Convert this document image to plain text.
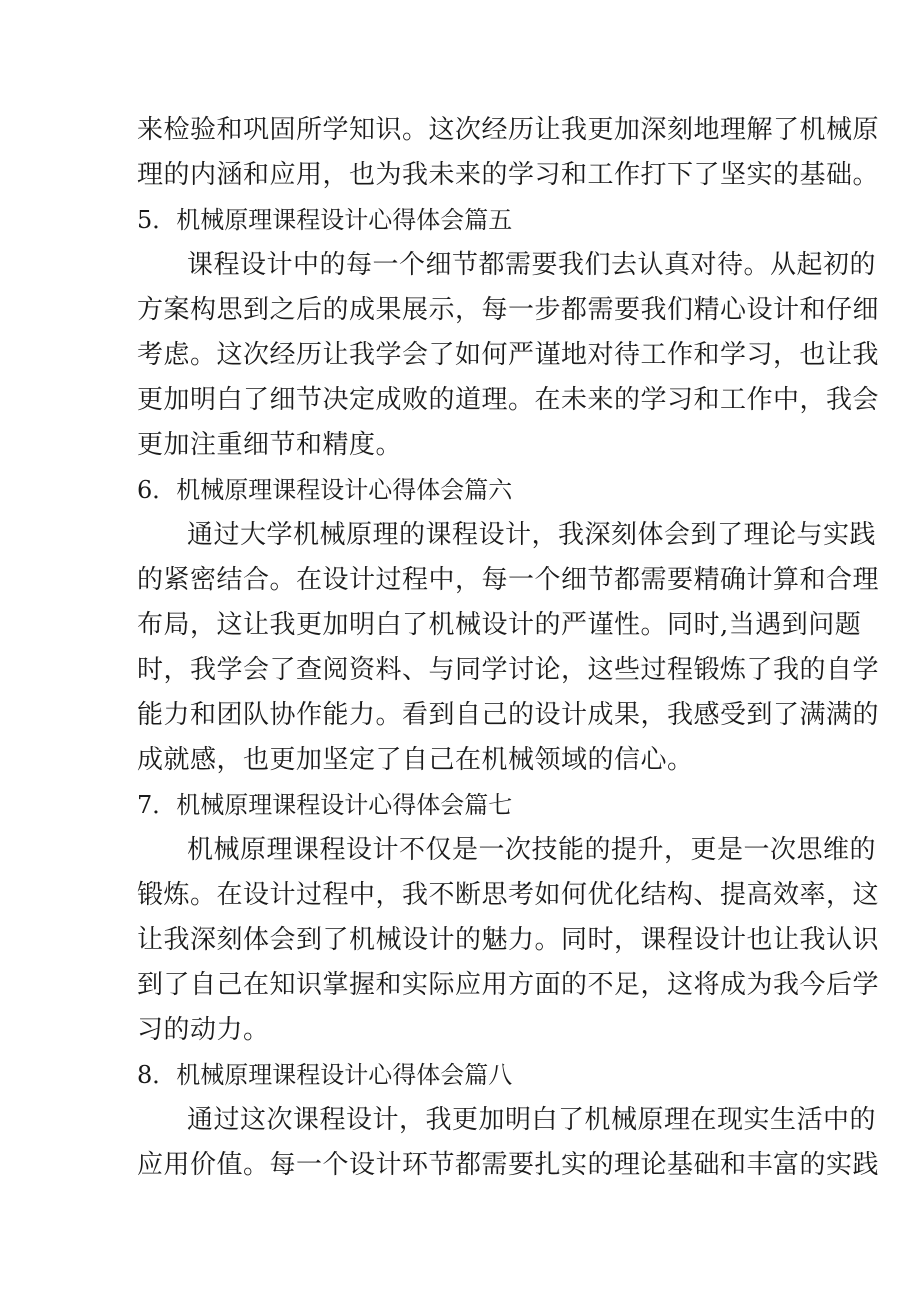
来检验和巩固所学知识。这次经历让我更加深刻地理解了机械原
理的内涵和应用，也为我未来的学习和工作打下了坚实的基础。
5．机械原理课程设计心得体会篇五
课程设计中的每一个细节都需要我们去认真对待。从起初的
方案构思到之后的成果展示，每一步都需要我们精心设计和仔细
考虑。这次经历让我学会了如何严谨地对待工作和学习，也让我
更加明白了细节决定成败的道理。在未来的学习和工作中，我会
更加注重细节和精度。
6．机械原理课程设计心得体会篇六
通过大学机械原理的课程设计，我深刻体会到了理论与实践
的紧密结合。在设计过程中，每一个细节都需要精确计算和合理
布局，这让我更加明白了机械设计的严谨性。同时,当遇到问题
时，我学会了查阅资料、与同学讨论，这些过程锻炼了我的自学
能力和团队协作能力。看到自己的设计成果，我感受到了满满的
成就感，也更加坚定了自己在机械领域的信心。
7．机械原理课程设计心得体会篇七
机械原理课程设计不仅是一次技能的提升，更是一次思维的
锻炼。在设计过程中，我不断思考如何优化结构、提高效率，这
让我深刻体会到了机械设计的魅力。同时，课程设计也让我认识
到了自己在知识掌握和实际应用方面的不足，这将成为我今后学
习的动力。
8．机械原理课程设计心得体会篇八
通过这次课程设计，我更加明白了机械原理在现实生活中的
应用价值。每一个设计环节都需要扎实的理论基础和丰富的实践
